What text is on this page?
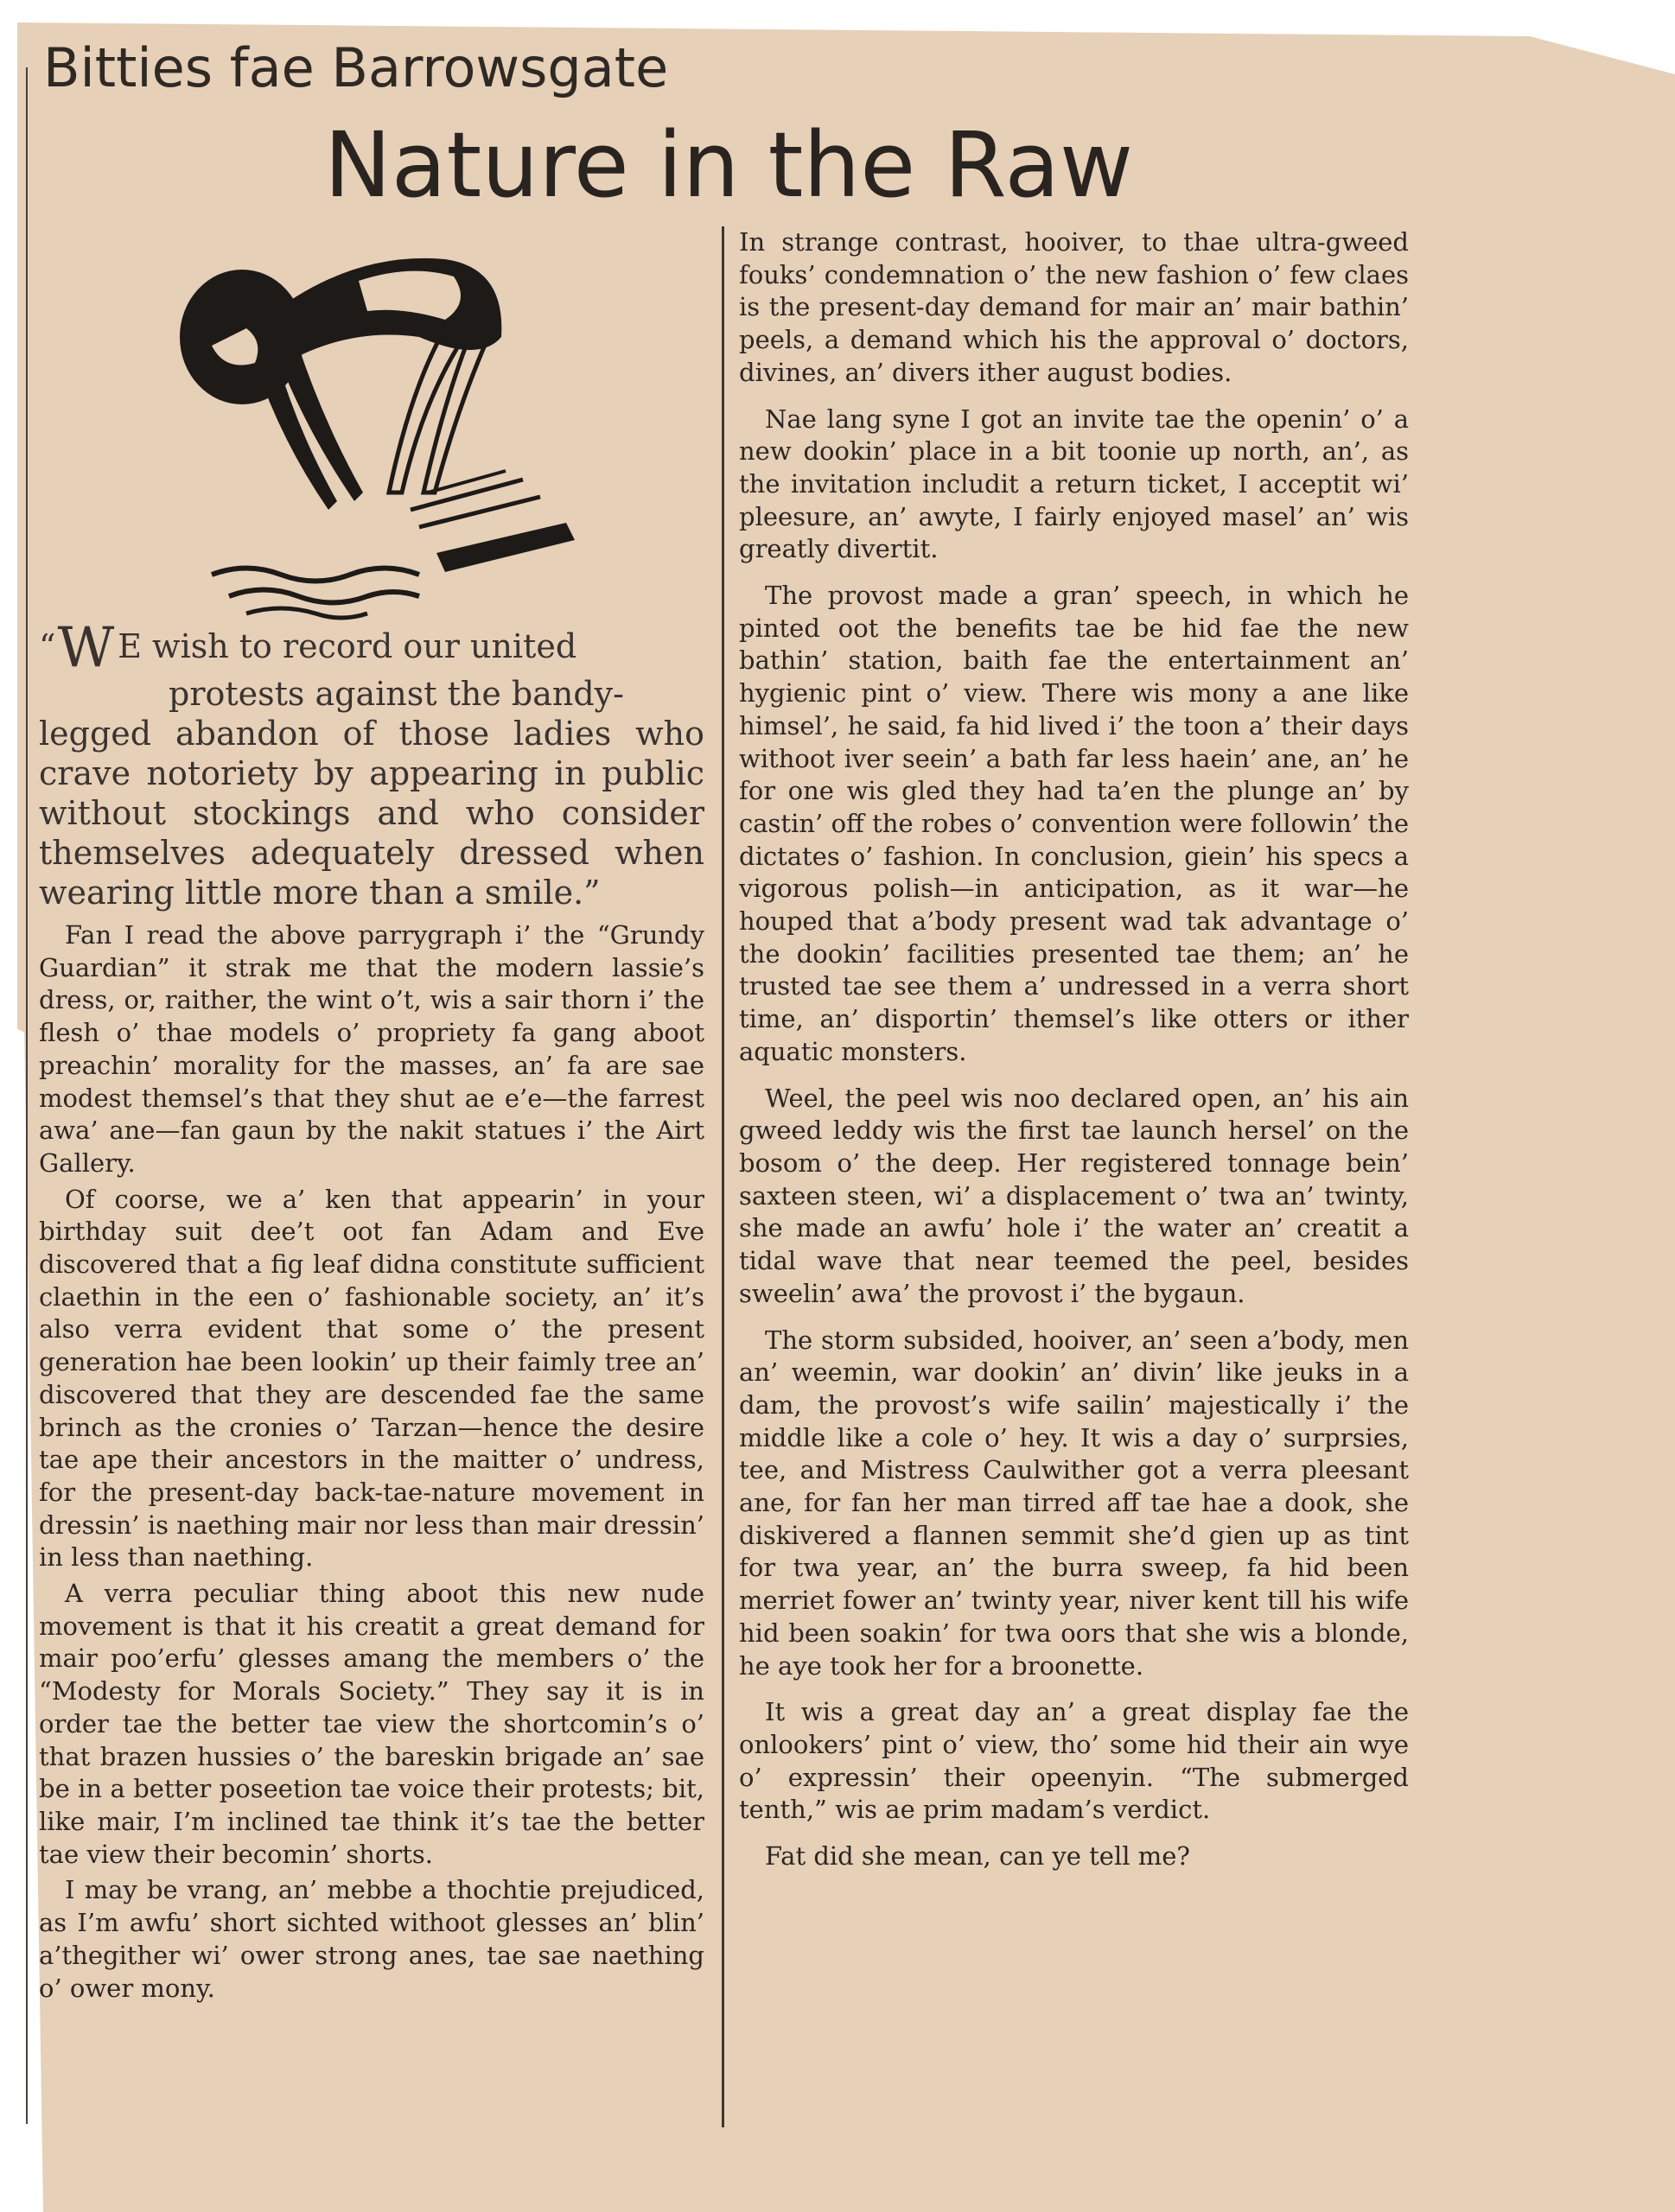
Bitties fae Barrowsgate
Nature in the Raw

“W E wish to record our united
protests against the bandy-
legged abandon of those ladies who crave notoriety by appearing in public without stockings and who consider themselves adequately dressed when wearing little more than a smile.”

Fan I read the above parrygraph i’ the “Grundy Guardian” it strak me that the modern lassie’s dress, or, raither, the wint o’t, wis a sair thorn i’ the flesh o’ thae models o’ propriety fa gang aboot preachin’ morality for the masses, an’ fa are sae modest themsel’s that they shut ae e’e—the farrest awa’ ane—fan gaun by the nakit statues i’ the Airt Gallery.

Of coorse, we a’ ken that appearin’ in your birthday suit dee’t oot fan Adam and Eve discovered that a fig leaf didna constitute sufficient claethin in the een o’ fashionable society, an’ it’s also verra evident that some o’ the present generation hae been lookin’ up their faimly tree an’ discovered that they are descended fae the same brinch as the cronies o’ Tarzan—hence the desire tae ape their ancestors in the maitter o’ undress, for the present-day back-tae-nature movement in dressin’ is naething mair nor less than mair dressin’ in less than naething.

A verra peculiar thing aboot this new nude movement is that it his creatit a great demand for mair poo’erfu’ glesses amang the members o’ the “Modesty for Morals Society.” They say it is in order tae the better tae view the shortcomin’s o’ that brazen hussies o’ the bareskin brigade an’ sae be in a better poseetion tae voice their protests; bit, like mair, I’m inclined tae think it’s tae the better tae view their becomin’ shorts.

I may be vrang, an’ mebbe a thochtie prejudiced, as I’m awfu’ short sichted withoot glesses an’ blin’ a’thegither wi’ ower strong anes, tae sae naething o’ ower mony.

In strange contrast, hooiver, to thae ultra-gweed fouks’ condemnation o’ the new fashion o’ few claes is the present-day demand for mair an’ mair bathin’ peels, a demand which his the approval o’ doctors, divines, an’ divers ither august bodies.

Nae lang syne I got an invite tae the openin’ o’ a new dookin’ place in a bit toonie up north, an’, as the invitation includit a return ticket, I acceptit wi’ pleesure, an’ awyte, I fairly enjoyed masel’ an’ wis greatly divertit.

The provost made a gran’ speech, in which he pinted oot the benefits tae be hid fae the new bathin’ station, baith fae the entertainment an’ hygienic pint o’ view. There wis mony a ane like himsel’, he said, fa hid lived i’ the toon a’ their days withoot iver seein’ a bath far less haein’ ane, an’ he for one wis gled they had ta’en the plunge an’ by castin’ off the robes o’ convention were followin’ the dictates o’ fashion. In conclusion, giein’ his specs a vigorous polish—in anticipation, as it war—he houped that a’body present wad tak advantage o’ the dookin’ facilities presented tae them; an’ he trusted tae see them a’ undressed in a verra short time, an’ disportin’ themsel’s like otters or ither aquatic monsters.

Weel, the peel wis noo declared open, an’ his ain gweed leddy wis the first tae launch hersel’ on the bosom o’ the deep. Her registered tonnage bein’ saxteen steen, wi’ a displacement o’ twa an’ twinty, she made an awfu’ hole i’ the water an’ creatit a tidal wave that near teemed the peel, besides sweelin’ awa’ the provost i’ the bygaun.

The storm subsided, hooiver, an’ seen a’body, men an’ weemin, war dookin’ an’ divin’ like jeuks in a dam, the provost’s wife sailin’ majestically i’ the middle like a cole o’ hey. It wis a day o’ surprsies, tee, and Mistress Caulwither got a verra pleesant ane, for fan her man tirred aff tae hae a dook, she diskivered a flannen semmit she’d gien up as tint for twa year, an’ the burra sweep, fa hid been merriet fower an’ twinty year, niver kent till his wife hid been soakin’ for twa oors that she wis a blonde, he aye took her for a broonette.

It wis a great day an’ a great display fae the onlookers’ pint o’ view, tho’ some hid their ain wye o’ expressin’ their opeenyin. “The submerged tenth,” wis ae prim madam’s verdict.

Fat did she mean, can ye tell me?
